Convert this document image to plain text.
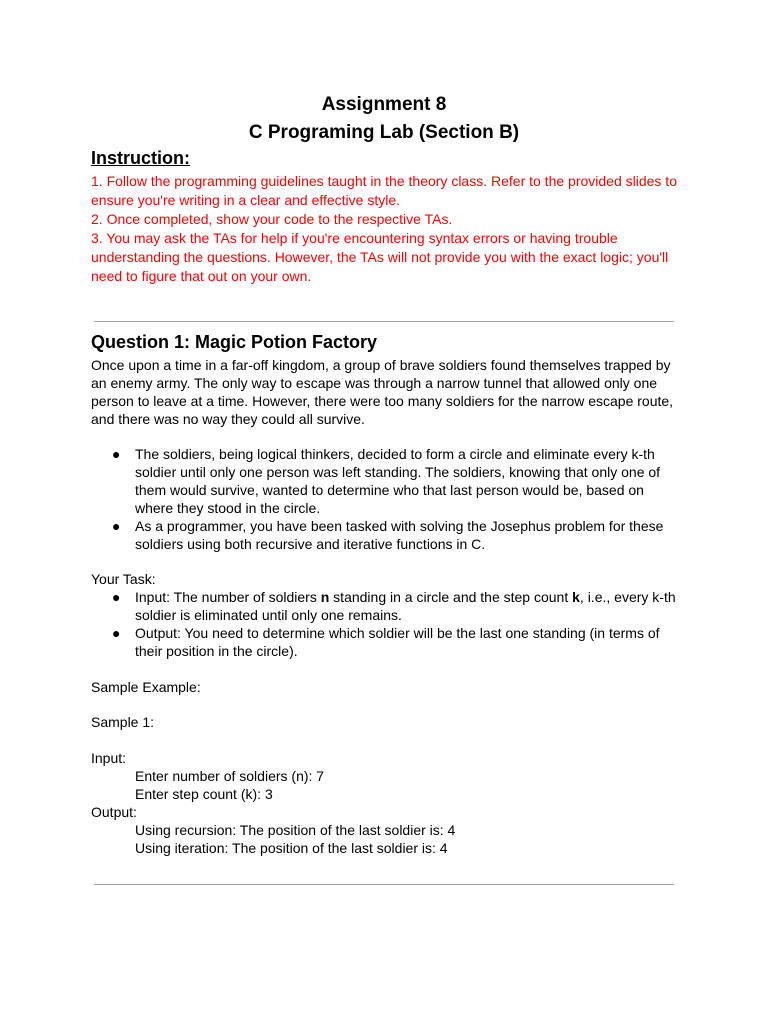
Assignment 8
C Programing Lab (Section B)
Instruction:

1. Follow the programming guidelines taught in the theory class. Refer to the provided slides to ensure you're writing in a clear and effective style.

2. Once completed, show your code to the respective TAs.

3. You may ask the TAs for help if you're encountering syntax errors or having trouble understanding the questions. However, the TAs will not provide you with the exact logic; you'll need to figure that out on your own.

Question 1: Magic Potion Factory

Once upon a time in a far-off kingdom, a group of brave soldiers found themselves trapped by an enemy army. The only way to escape was through a narrow tunnel that allowed only one person to leave at a time. However, there were too many soldiers for the narrow escape route, and there was no way they could all survive.

● The soldiers, being logical thinkers, decided to form a circle and eliminate every k-th soldier until only one person was left standing. The soldiers, knowing that only one of them would survive, wanted to determine who that last person would be, based on where they stood in the circle.
● As a programmer, you have been tasked with solving the Josephus problem for these soldiers using both recursive and iterative functions in C.

Your Task:

● Input: The number of soldiers n standing in a circle and the step count k, i.e., every k-th soldier is eliminated until only one remains.
● Output: You need to determine which soldier will be the last one standing (in terms of their position in the circle).

Sample Example:

Sample 1:

Input:

Enter number of soldiers (n): 7

Enter step count (k): 3

Output:

Using recursion: The position of the last soldier is: 4

Using iteration: The position of the last soldier is: 4
